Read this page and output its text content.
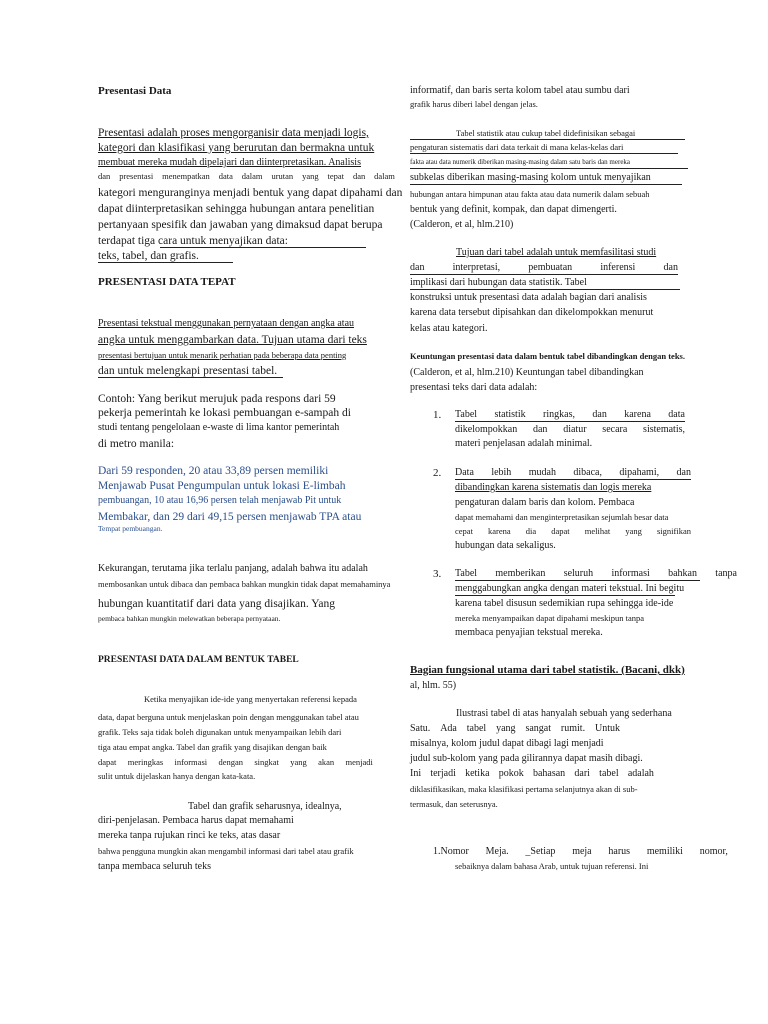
Presentasi Data
Presentasi adalah proses mengorganisir data menjadi logis,
kategori dan klasifikasi yang berurutan dan bermakna untuk
membuat mereka mudah dipelajari dan diinterpretasikan. Analisis
dan presentasi menempatkan data dalam urutan yang tepat dan dalam
kategori menguranginya menjadi bentuk yang dapat dipahami dan
dapat diinterpretasikan sehingga hubungan antara penelitian
pertanyaan spesifik dan jawaban yang dimaksud dapat berupa
terdapat tiga cara untuk menyajikan data:
teks, tabel, dan grafis.
PRESENTASI DATA TEPAT
Presentasi tekstual menggunakan pernyataan dengan angka atau
angka untuk menggambarkan data. Tujuan utama dari teks
presentasi bertujuan untuk menarik perhatian pada beberapa data penting
dan untuk melengkapi presentasi tabel.
Contoh: Yang berikut merujuk pada respons dari 59
pekerja pemerintah ke lokasi pembuangan e-sampah di
studi tentang pengelolaan e-waste di lima kantor pemerintah
di metro manila:
Dari 59 responden, 20 atau 33,89 persen memiliki
Menjawab Pusat Pengumpulan untuk lokasi E-limbah
pembuangan, 10 atau 16,96 persen telah menjawab Pit untuk
Membakar, dan 29 dari 49,15 persen menjawab TPA atau
Tempat pembuangan.
Kekurangan, terutama jika terlalu panjang, adalah bahwa itu adalah
membosankan untuk dibaca dan pembaca bahkan mungkin tidak dapat memahaminya
hubungan kuantitatif dari data yang disajikan. Yang
pembaca bahkan mungkin melewatkan beberapa pernyataan.
PRESENTASI DATA DALAM BENTUK TABEL
Ketika menyajikan ide-ide yang menyertakan referensi kepada
data, dapat berguna untuk menjelaskan poin dengan menggunakan tabel atau
grafik. Teks saja tidak boleh digunakan untuk menyampaikan lebih dari
tiga atau empat angka. Tabel dan grafik yang disajikan dengan baik
dapat meringkas informasi dengan singkat yang akan menjadi
sulit untuk dijelaskan hanya dengan kata-kata.
Tabel dan grafik seharusnya, idealnya,
diri-penjelasan. Pembaca harus dapat memahami
mereka tanpa rujukan rinci ke teks, atas dasar
bahwa pengguna mungkin akan mengambil informasi dari tabel atau grafik
tanpa membaca seluruh teks
informatif, dan baris serta kolom tabel atau sumbu dari
grafik harus diberi label dengan jelas.
Tabel statistik atau cukup tabel didefinisikan sebagai
pengaturan sistematis dari data terkait di mana kelas-kelas dari
fakta atau data numerik diberikan masing-masing dalam satu baris dan mereka
subkelas diberikan masing-masing kolom untuk menyajikan
hubungan antara himpunan atau fakta atau data numerik dalam sebuah
bentuk yang definit, kompak, dan dapat dimengerti.
(Calderon, et al, hlm.210)
Tujuan dari tabel adalah untuk memfasilitasi studi
dan	interpretasi,	pembuatan	inferensi	dan
implikasi dari hubungan data statistik. Tabel
konstruksi untuk presentasi data adalah bagian dari analisis
karena data tersebut dipisahkan dan dikelompokkan menurut
kelas atau kategori.
Keuntungan presentasi data dalam bentuk tabel dibandingkan dengan teks.
(Calderon, et al, hlm.210) Keuntungan tabel dibandingkan
presentasi teks dari data adalah:
1. Tabel statistik ringkas, dan karena data
dikelompokkan dan diatur secara sistematis,
materi penjelasan adalah minimal.
2. Data lebih mudah dibaca, dipahami, dan
dibandingkan karena sistematis dan logis mereka
pengaturan dalam baris dan kolom. Pembaca
dapat memahami dan menginterpretasikan sejumlah besar data
cepat karena dia dapat melihat yang signifikan
hubungan data sekaligus.
3. Tabel memberikan seluruh informasi bahkan tanpa
menggabungkan angka dengan materi tekstual. Ini begitu
karena tabel disusun sedemikian rupa sehingga ide-ide
mereka menyampaikan dapat dipahami meskipun tanpa
membaca penyajian tekstual mereka.
Bagian fungsional utama dari tabel statistik. (Bacani, dkk)
al, hlm. 55)
Ilustrasi tabel di atas hanyalah sebuah yang sederhana
Satu. Ada tabel yang sangat rumit. Untuk
misalnya, kolom judul dapat dibagi lagi menjadi
judul sub-kolom yang pada gilirannya dapat masih dibagi.
Ini terjadi ketika pokok bahasan dari tabel adalah
diklasifikasikan, maka klasifikasi pertama selanjutnya akan di sub-
termasuk, dan seterusnya.
1.Nomor Meja. _Setiap meja harus memiliki nomor,
sebaiknya dalam bahasa Arab, untuk tujuan referensi. Ini
